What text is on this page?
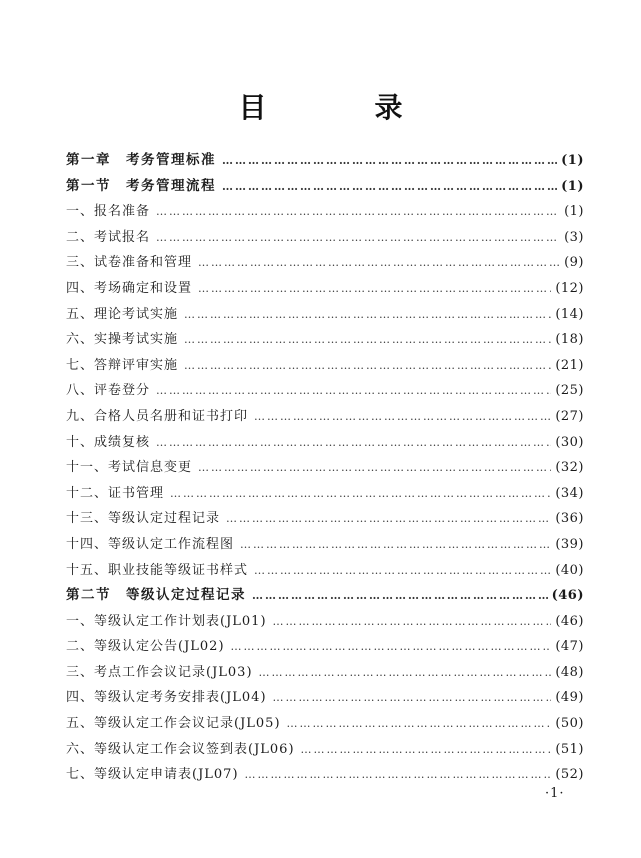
目　录
第一章　考务管理标准 ……………………………………………………………………………………………………………………………………………………………………………………	(1)
第一节　考务管理流程 ……………………………………………………………………………………………………………………………………………………………………………………	(1)
一、报名准备 ……………………………………………………………………………………………………………………………………………………………………………………	(1)
二、考试报名 ……………………………………………………………………………………………………………………………………………………………………………………	(3)
三、试卷准备和管理 ……………………………………………………………………………………………………………………………………………………………………………………	(9)
四、考场确定和设置 ……………………………………………………………………………………………………………………………………………………………………………………	(12)
五、理论考试实施 ……………………………………………………………………………………………………………………………………………………………………………………	(14)
六、实操考试实施 ……………………………………………………………………………………………………………………………………………………………………………………	(18)
七、答辩评审实施 ……………………………………………………………………………………………………………………………………………………………………………………	(21)
八、评卷登分 ……………………………………………………………………………………………………………………………………………………………………………………	(25)
九、合格人员名册和证书打印 ……………………………………………………………………………………………………………………………………………………………………………………	(27)
十、成绩复核 ……………………………………………………………………………………………………………………………………………………………………………………	(30)
十一、考试信息变更 ……………………………………………………………………………………………………………………………………………………………………………………	(32)
十二、证书管理 ……………………………………………………………………………………………………………………………………………………………………………………	(34)
十三、等级认定过程记录 ……………………………………………………………………………………………………………………………………………………………………………………	(36)
十四、等级认定工作流程图 ……………………………………………………………………………………………………………………………………………………………………………………	(39)
十五、职业技能等级证书样式 ……………………………………………………………………………………………………………………………………………………………………………………	(40)
第二节　等级认定过程记录 ……………………………………………………………………………………………………………………………………………………………………………………	(46)
一、等级认定工作计划表(JL01) ……………………………………………………………………………………………………………………………………………………………………………………	(46)
二、等级认定公告(JL02) ……………………………………………………………………………………………………………………………………………………………………………………	(47)
三、考点工作会议记录(JL03) ……………………………………………………………………………………………………………………………………………………………………………………	(48)
四、等级认定考务安排表(JL04) ……………………………………………………………………………………………………………………………………………………………………………………	(49)
五、等级认定工作会议记录(JL05) ……………………………………………………………………………………………………………………………………………………………………………………	(50)
六、等级认定工作会议签到表(JL06) ……………………………………………………………………………………………………………………………………………………………………………………	(51)
七、等级认定申请表(JL07) ……………………………………………………………………………………………………………………………………………………………………………………	(52)
·1·
